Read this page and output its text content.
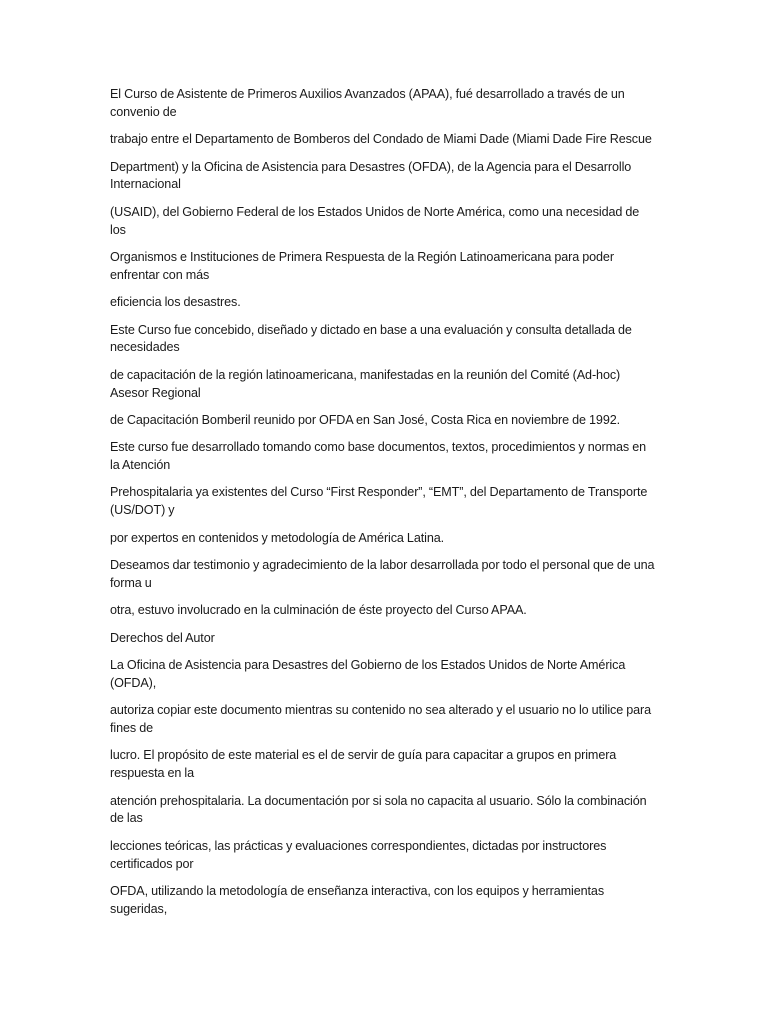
El Curso de Asistente de Primeros Auxilios Avanzados (APAA), fué desarrollado a través de un convenio de

trabajo entre el Departamento de Bomberos del Condado de Miami Dade (Miami Dade Fire Rescue

Department) y la Oficina de Asistencia para Desastres (OFDA), de la Agencia para el Desarrollo Internacional

(USAID), del Gobierno Federal de los Estados Unidos de Norte América, como una necesidad de los

Organismos e Instituciones de Primera Respuesta de la Región Latinoamericana para poder enfrentar con más

eficiencia los desastres.

Este Curso fue concebido, diseñado y dictado en base a una evaluación y consulta detallada de necesidades

de capacitación de la región latinoamericana, manifestadas en la reunión del Comité (Ad-hoc) Asesor Regional

de Capacitación Bomberil reunido por OFDA en San José, Costa Rica en noviembre de 1992.

Este curso fue desarrollado tomando como base documentos, textos, procedimientos y normas en la Atención

Prehospitalaria ya existentes del Curso “First Responder”, “EMT”, del Departamento de Transporte (US/DOT) y

por expertos en contenidos y metodología de América Latina.

Deseamos dar testimonio y agradecimiento de la labor desarrollada por todo el personal que de una forma u

otra, estuvo involucrado en la culminación de éste proyecto del Curso APAA.

Derechos del Autor

La Oficina de Asistencia para Desastres del Gobierno de los Estados Unidos de Norte América (OFDA),

autoriza copiar este documento mientras su contenido no sea alterado y el usuario no lo utilice para fines de

lucro. El propósito de este material es el de servir de guía para capacitar a grupos en primera respuesta en la

atención prehospitalaria. La documentación por si sola no capacita al usuario. Sólo la combinación de las

lecciones teóricas, las prácticas y evaluaciones correspondientes, dictadas por instructores certificados por

OFDA, utilizando la metodología de enseñanza interactiva, con los equipos y herramientas sugeridas,
